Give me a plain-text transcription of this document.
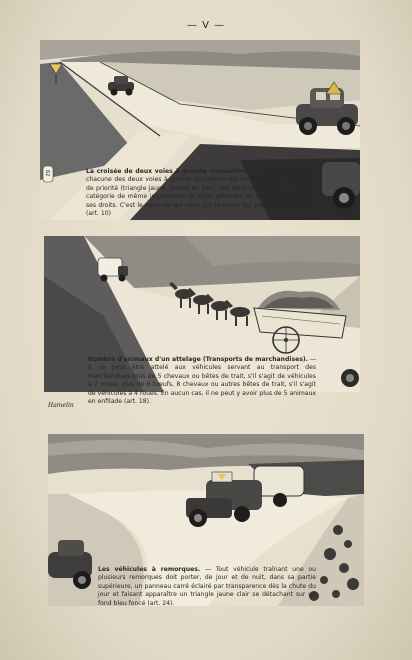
— V —
62	La croisée de deux voies à grande circulation. — Cette croisée sur chacune des deux voies à grande circulation est annoncée par le signal de priorité (triangle jaune, pointe en bas). Les deux voies étant ici d'une catégorie de même importance, la règle générale de la priorité reprend ses droits. C'est le véhicule qui vient par la droite qui passera le premier (art. 10)
Nombre d'animaux d'un attelage (Transports de marchandises). — Il ne peut être attelé aux véhicules servant au transport des marchandises plus de 5 chevaux ou bêtes de trait, s'il s'agit de véhicules à 2 roues, plus de 6 bœufs, 8 chevaux ou autres bêtes de trait, s'il s'agit de véhicules à 4 roues. En aucun cas, il ne peut y avoir plus de 5 animaux en enfilade (art. 18).
Hamelin
Les véhicules à remorques. — Tout véhicule traînant une ou plusieurs remorques doit porter, de jour et de nuit, dans sa partie supérieure, un panneau carré éclairé par transparence dès la chute du jour et faisant apparaître un triangle jaune clair se détachant sur un fond bleu foncé (art. 24).
